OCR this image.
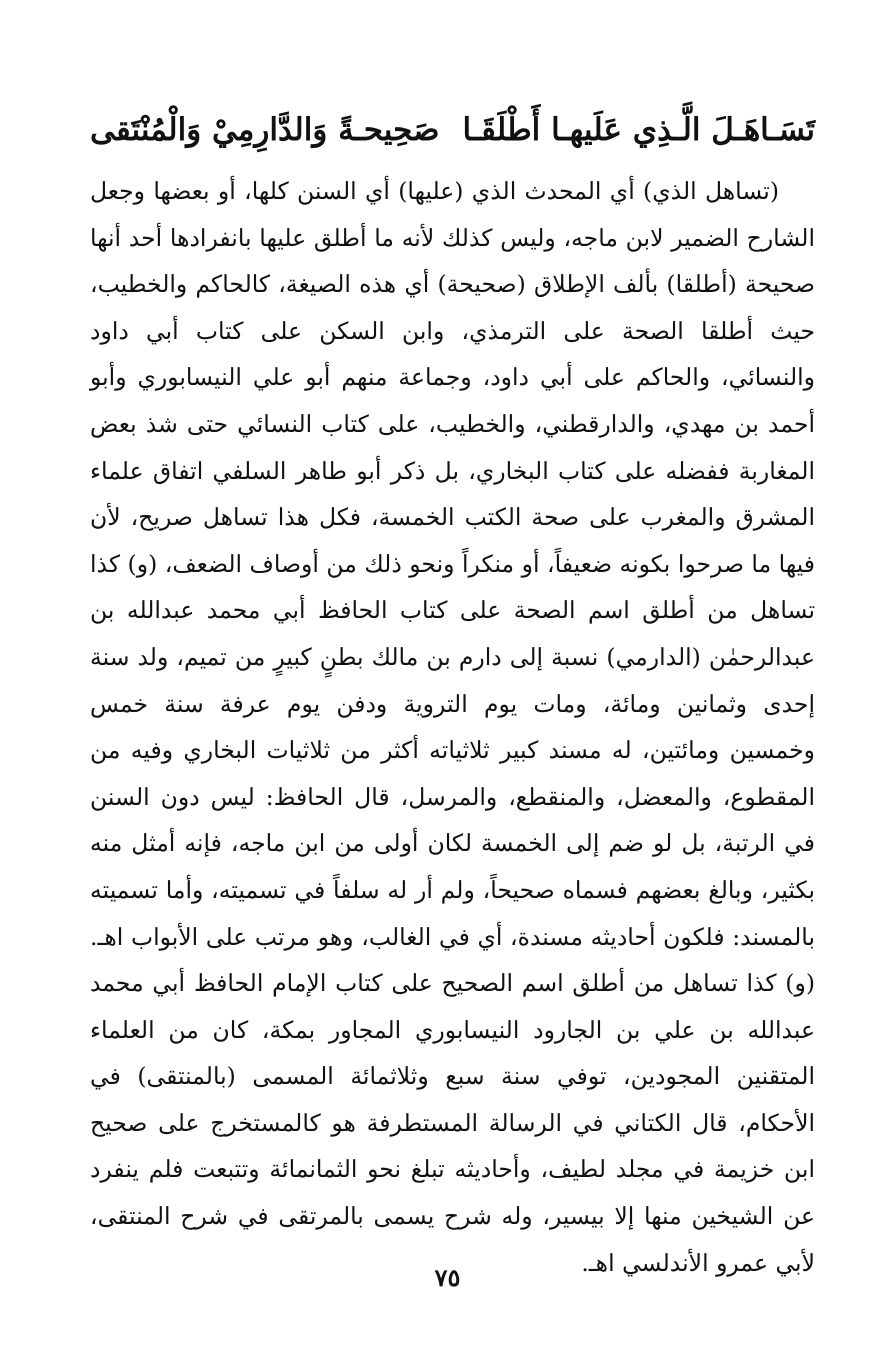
تَسَـاهَـلَ الَّـذِي عَلَيهـا أَطْلَقَـا
صَحِيحـةً وَالدَّارِمِيْ وَالْمُنْتَقى

(تساهل الذي) أي المحدث الذي (عليها) أي السنن كلها، أو بعضها وجعل الشارح الضمير لابن ماجه، وليس كذلك لأنه ما أطلق عليها بانفرادها أحد أنها صحيحة (أطلقا) بألف الإطلاق (صحيحة) أي هذه الصيغة، كالحاكم والخطيب، حيث أطلقا الصحة على الترمذي، وابن السكن على كتاب أبي داود والنسائي، والحاكم على أبي داود، وجماعة منهم أبو علي النيسابوري وأبو أحمد بن مهدي، والدارقطني، والخطيب، على كتاب النسائي حتى شذ بعض المغاربة ففضله على كتاب البخاري، بل ذكر أبو طاهر السلفي اتفاق علماء المشرق والمغرب على صحة الكتب الخمسة، فكل هذا تساهل صريح، لأن فيها ما صرحوا بكونه ضعيفاً، أو منكراً ونحو ذلك من أوصاف الضعف، (و) كذا تساهل من أطلق اسم الصحة على كتاب الحافظ أبي محمد عبدالله بن عبدالرحمٰن (الدارمي) نسبة إلى دارم بن مالك بطنٍ كبيرٍ من تميم، ولد سنة إحدى وثمانين ومائة، ومات يوم التروية ودفن يوم عرفة سنة خمس وخمسين ومائتين، له مسند كبير ثلاثياته أكثر من ثلاثيات البخاري وفيه من المقطوع، والمعضل، والمنقطع، والمرسل، قال الحافظ: ليس دون السنن في الرتبة، بل لو ضم إلى الخمسة لكان أولى من ابن ماجه، فإنه أمثل منه بكثير، وبالغ بعضهم فسماه صحيحاً، ولم أر له سلفاً في تسميته، وأما تسميته بالمسند: فلكون أحاديثه مسندة، أي في الغالب، وهو مرتب على الأبواب اهـ. (و) كذا تساهل من أطلق اسم الصحيح على كتاب الإمام الحافظ أبي محمد عبدالله بن علي بن الجارود النيسابوري المجاور بمكة، كان من العلماء المتقنين المجودين، توفي سنة سبع وثلاثمائة المسمى (بالمنتقى) في الأحكام، قال الكتاني في الرسالة المستطرفة هو كالمستخرج على صحيح ابن خزيمة في مجلد لطيف، وأحاديثه تبلغ نحو الثمانمائة وتتبعت فلم ينفرد عن الشيخين منها إلا بيسير، وله شرح يسمى بالمرتقى في شرح المنتقى، لأبي عمرو الأندلسي اهـ.

٧٥
